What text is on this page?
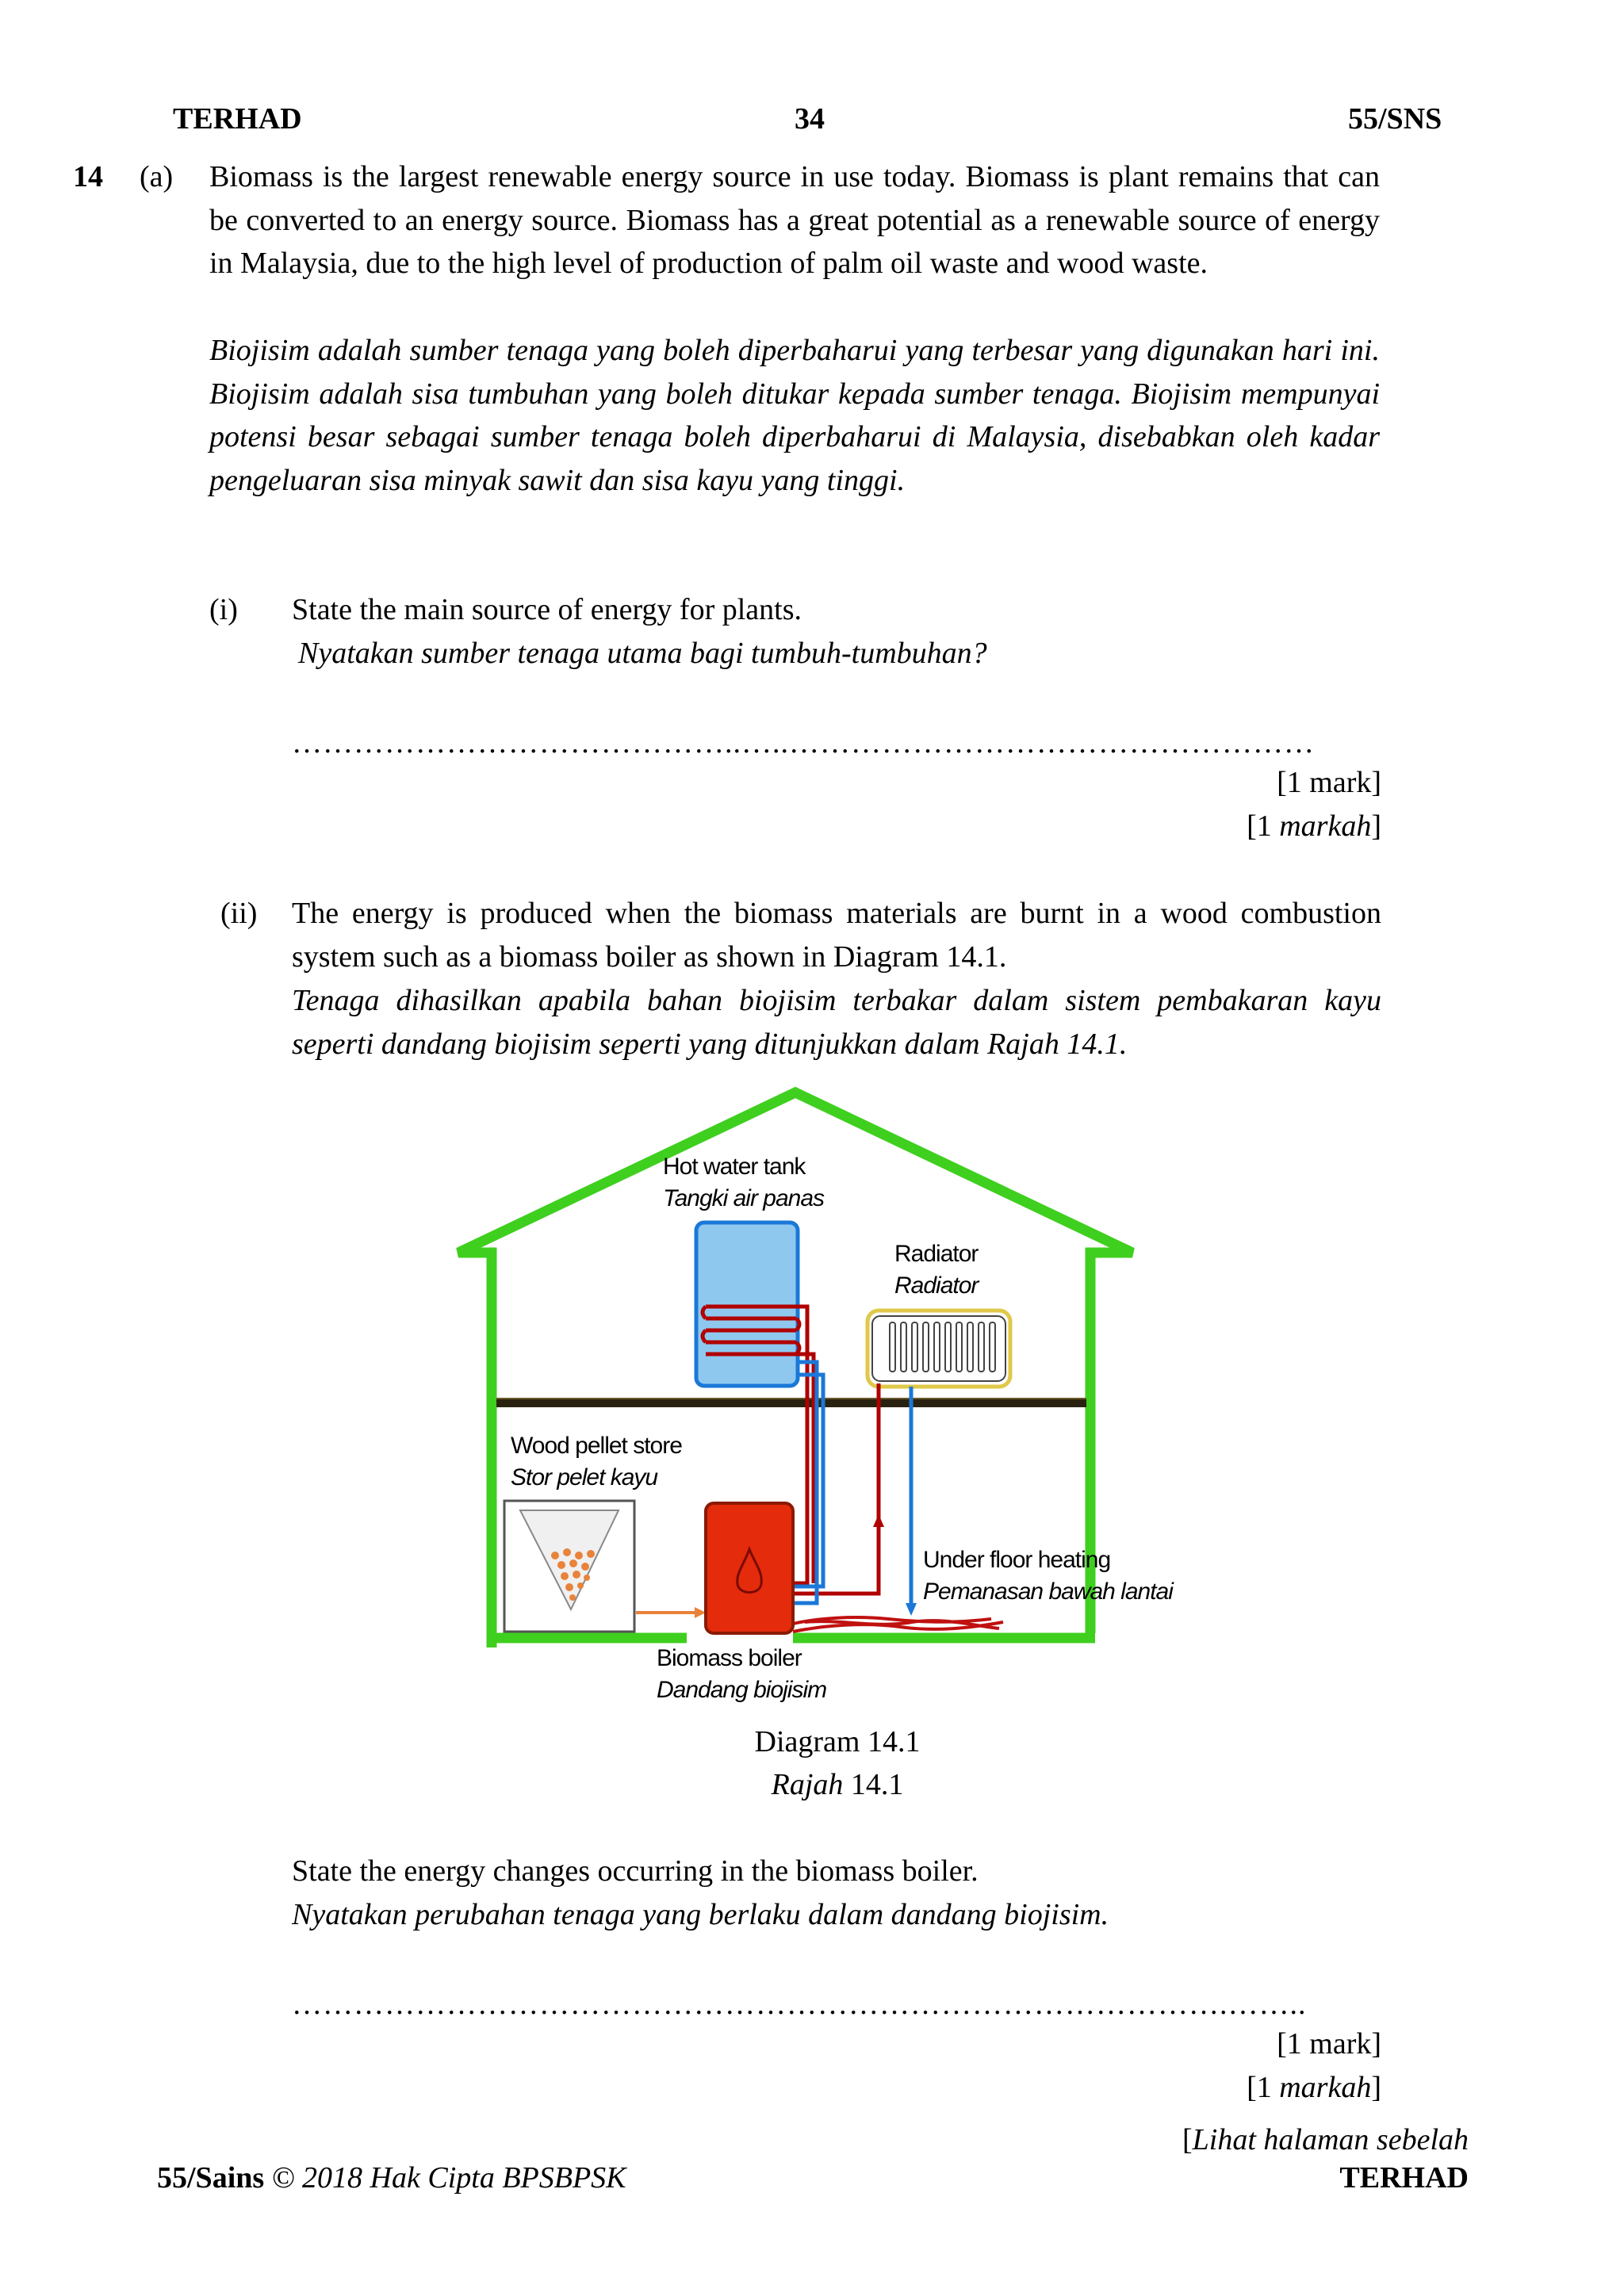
TERHAD	34	55/SNS
14 (a) Biomass is the largest renewable energy source in use today. Biomass is plant remains that can be converted to an energy source. Biomass has a great potential as a renewable source of energy in Malaysia, due to the high level of production of palm oil waste and wood waste.
Biojisim adalah sumber tenaga yang boleh diperbaharui yang terbesar yang digunakan hari ini. Biojisim adalah sisa tumbuhan yang boleh ditukar kepada sumber tenaga. Biojisim mempunyai potensi besar sebagai sumber tenaga boleh diperbaharui di Malaysia, disebabkan oleh kadar pengeluaran sisa minyak sawit dan sisa kayu yang tinggi.
(i) State the main source of energy for plants.
Nyatakan sumber tenaga utama bagi tumbuh-tumbuhan?
……………………………………..…..……………………………………………
[1 mark]
[1 markah]
(ii) The energy is produced when the biomass materials are burnt in a wood combustion system such as a biomass boiler as shown in Diagram 14.1.
Tenaga dihasilkan apabila bahan biojisim terbakar dalam sistem pembakaran kayu seperti dandang biojisim seperti yang ditunjukkan dalam Rajah 14.1.
Hot water tank
Tangki air panas
Radiator
Radiator
Wood pellet store
Stor pelet kayu
Under floor heating
Pemanasan bawah lantai
Biomass boiler
Dandang biojisim
Diagram 14.1
Rajah 14.1
State the energy changes occurring in the biomass boiler.
Nyatakan perubahan tenaga yang berlaku dalam dandang biojisim.
……………………………………………………………………………….……..
[1 mark]
[1 markah]
[Lihat halaman sebelah
55/Sains © 2018 Hak Cipta BPSBPSK	TERHAD
